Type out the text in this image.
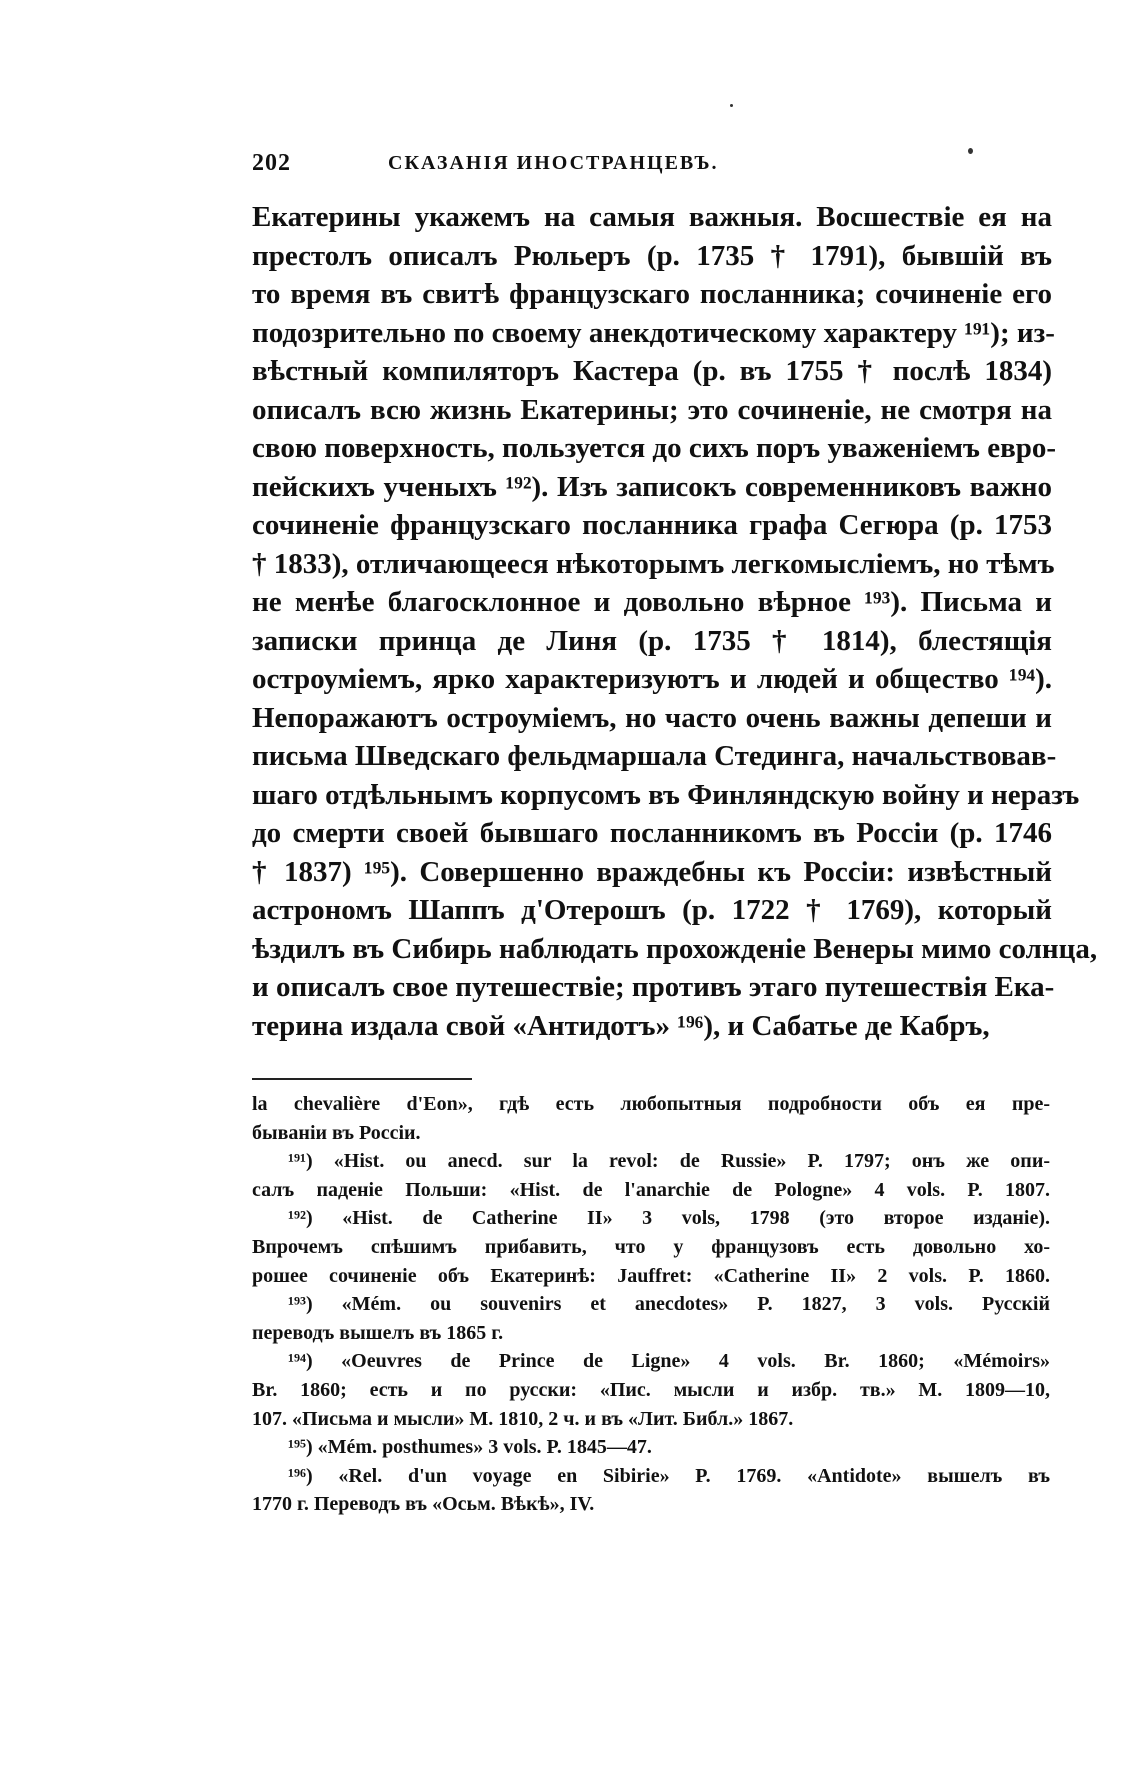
202	СКАЗАНІЯ ИНОСТРАНЦЕВЪ.
Екатерины укажемъ на самыя важныя. Восшествіе ея на
престолъ описалъ Рюльеръ (р. 1735 † 1791), бывшій въ
то время въ свитѣ французскаго посланника; сочиненіе его
подозрительно по своему анекдотическому характеру ¹⁹¹); из-
вѣстный компиляторъ Кастера (р. въ 1755 † послѣ 1834)
описалъ всю жизнь Екатерины; это сочиненіе, не смотря на
свою поверхность, пользуется до сихъ поръ уваженіемъ евро-
пейскихъ ученыхъ ¹⁹²). Изъ записокъ современниковъ важно
сочиненіе французскаго посланника графа Сегюра (р. 1753
† 1833), отличающееся нѣкоторымъ легкомысліемъ, но тѣмъ
не менѣе благосклонное и довольно вѣрное ¹⁹³). Письма и
записки принца де Линя (р. 1735 † 1814), блестящія
остроуміемъ, ярко характеризуютъ и людей и общество ¹⁹⁴).
Непоражаютъ остроуміемъ, но часто очень важны депеши и
письма Шведскаго фельдмаршала Стединга, начальствовав-
шаго отдѣльнымъ корпусомъ въ Финляндскую войну и неразъ
до смерти своей бывшаго посланникомъ въ Россіи (р. 1746
† 1837) ¹⁹⁵). Совершенно враждебны къ Россіи: извѣстный
астрономъ Шаппъ д'Отерошъ (р. 1722 † 1769), который
ѣздилъ въ Сибирь наблюдать прохожденіе Венеры мимо солнца,
и описалъ свое путешествіе; противъ этаго путешествія Ека-
терина издала свой «Антидотъ» ¹⁹⁶), и Сабатье де Кабръ,
la chevalière d'Eon», гдѣ есть любопытныя подробности объ ея пре-
бываніи въ Россіи.
¹⁹¹) «Hist. ou anecd. sur la revol: de Russie» P. 1797; онъ же опи-
салъ паденіе Польши: «Hist. de l'anarchie de Pologne» 4 vols. P. 1807.
¹⁹²) «Hist. de Catherine II» 3 vols, 1798 (это второе изданіе).
Впрочемъ спѣшимъ прибавить, что у французовъ есть довольно хо-
рошее сочиненіе объ Екатеринѣ: Jauffret: «Catherine II» 2 vols. P. 1860.
¹⁹³) «Mém. ou souvenirs et anecdotes» P. 1827, 3 vols. Русскій
переводъ вышелъ въ 1865 г.
¹⁹⁴) «Oeuvres de Prince de Ligne» 4 vols. Br. 1860; «Mémoirs»
Br. 1860; есть и по русски: «Пис. мысли и избр. тв.» М. 1809—10,
107. «Письма и мысли» М. 1810, 2 ч. и въ «Лит. Библ.» 1867.
¹⁹⁵) «Mém. posthumes» 3 vols. P. 1845—47.
¹⁹⁶) «Rel. d'un voyage en Sibirie» P. 1769. «Antidote» вышелъ въ
1770 г. Переводъ въ «Осьм. Вѣкѣ», IV.
